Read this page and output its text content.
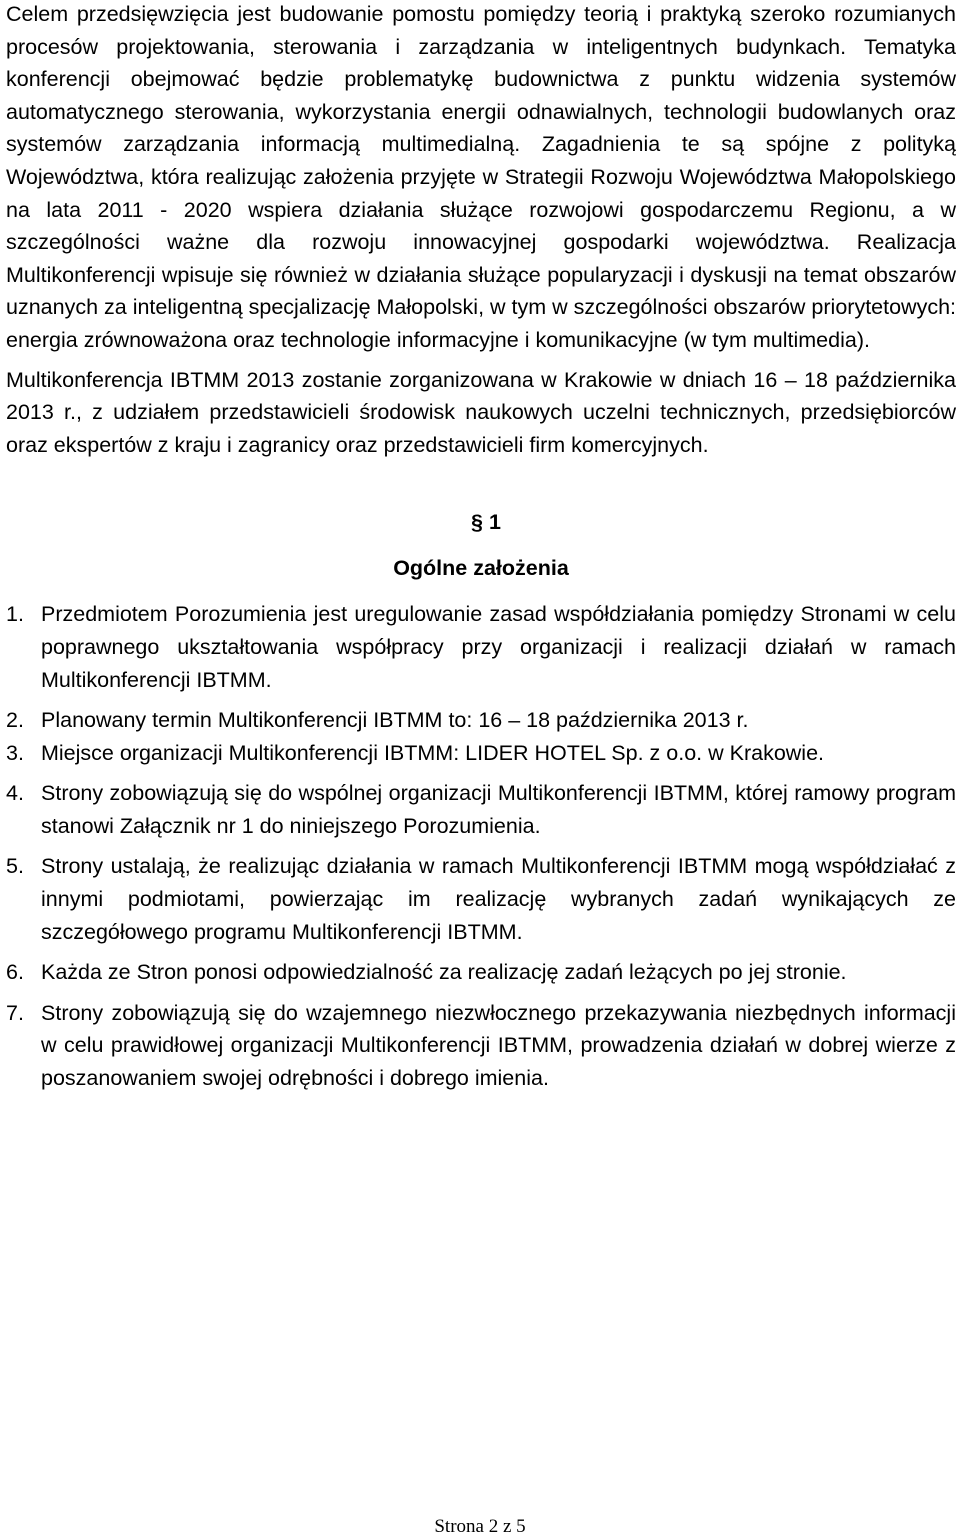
Celem przedsięwzięcia jest budowanie pomostu pomiędzy teorią i praktyką szeroko rozumianych procesów projektowania, sterowania i zarządzania w inteligentnych budynkach. Tematyka konferencji obejmować będzie problematykę budownictwa z punktu widzenia systemów automatycznego sterowania, wykorzystania energii odnawialnych, technologii budowlanych oraz systemów zarządzania informacją multimedialną. Zagadnienia te są spójne z polityką Województwa, która realizując założenia przyjęte w Strategii Rozwoju Województwa Małopolskiego na lata 2011 - 2020 wspiera działania służące rozwojowi gospodarczemu Regionu, a w szczególności ważne dla rozwoju innowacyjnej gospodarki województwa. Realizacja Multikonferencji wpisuje się również w działania służące popularyzacji i dyskusji na temat obszarów uznanych za inteligentną specjalizację Małopolski, w tym w szczególności obszarów priorytetowych: energia zrównoważona oraz technologie informacyjne i komunikacyjne (w tym multimedia).

Multikonferencja IBTMM 2013 zostanie zorganizowana w Krakowie w dniach 16 – 18 października 2013 r., z udziałem przedstawicieli środowisk naukowych uczelni technicznych, przedsiębiorców oraz ekspertów z kraju i zagranicy oraz przedstawicieli firm komercyjnych.

§ 1
Ogólne założenia
1. Przedmiotem Porozumienia jest uregulowanie zasad współdziałania pomiędzy Stronami w celu poprawnego ukształtowania współpracy przy organizacji i realizacji działań w ramach Multikonferencji IBTMM.
2. Planowany termin Multikonferencji IBTMM to: 16 – 18 października 2013 r.
3. Miejsce organizacji Multikonferencji IBTMM: LIDER HOTEL Sp. z o.o. w Krakowie.
4. Strony zobowiązują się do wspólnej organizacji Multikonferencji IBTMM, której ramowy program stanowi Załącznik nr 1 do niniejszego Porozumienia.
5. Strony ustalają, że realizując działania w ramach Multikonferencji IBTMM mogą współdziałać z innymi podmiotami, powierzając im realizację wybranych zadań wynikających ze szczegółowego programu Multikonferencji IBTMM.
6. Każda ze Stron ponosi odpowiedzialność za realizację zadań leżących po jej stronie.
7. Strony zobowiązują się do wzajemnego niezwłocznego przekazywania niezbędnych informacji w celu prawidłowej organizacji Multikonferencji IBTMM, prowadzenia działań w dobrej wierze z poszanowaniem swojej odrębności i dobrego imienia.
Strona 2 z 5
